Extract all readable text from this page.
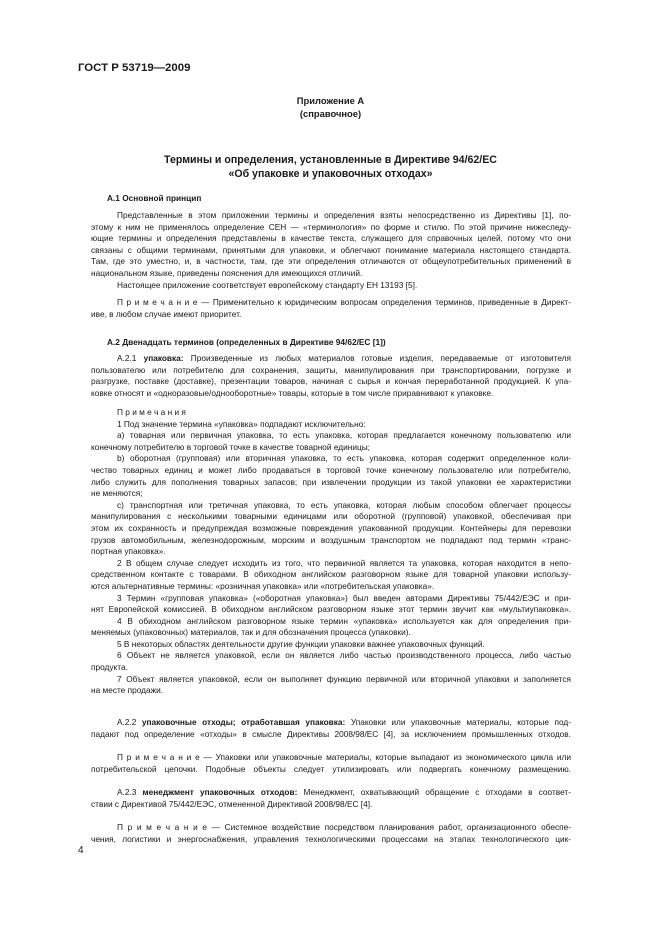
ГОСТ Р 53719—2009
Приложение А
(справочное)
Термины и определения, установленные в Директиве 94/62/ЕС
«Об упаковке и упаковочных отходах»
А.1 Основной принцип
Представленные в этом приложении термины и определения взяты непосредственно из Директивы [1], по-
этому к ним не применялось определение СЕН — «терминология» по форме и стилю. По этой причине нижеследу-
ющие термины и определения представлены в качестве текста, служащего для справочных целей, потому что они
связаны с общими терминами, принятыми для упаковки, и облегчают понимание материала настоящего стандарта.
Там, где это уместно, и, в частности, там, где эти определения отличаются от общеупотребительных применений в
национальном языке, приведены пояснения для имеющихся отличий.
Настоящее приложение соответствует европейскому стандарту ЕН 13193 [5].
П р и м е ч а н и е — Применительно к юридическим вопросам определения терминов, приведенные в Директ-
иве, в любом случае имеют приоритет.
А.2 Двенадцать терминов (определенных в Директиве 94/62/ЕС [1])
А.2.1 упаковка: Произведенные из любых материалов готовые изделия, передаваемые от изготовителя
пользователю или потребителю для сохранения, защиты, манипулирования при транспортировании, погрузке и
разгрузке, поставке (доставке), презентации товаров, начиная с сырья и кончая переработанной продукцией. К упа-
ковке относят и «одноразовые/однооборотные» товары, которые в том числе приравнивают к упаковке.
П р и м е ч а н и я
1 Под значение термина «упаковка» подпадают исключительно:
а) товарная или первичная упаковка, то есть упаковка, которая предлагается конечному пользователю или
конечному потребителю в торговой точке в качестве товарной единицы;
b) оборотная (групповая) или вторичная упаковка, то есть упаковка, которая содержит определенное коли-
чество товарных единиц и может либо продаваться в торговой точке конечному пользователю или потребителю,
либо служить для пополнения товарных запасов; при извлечении продукции из такой упаковки ее характеристики
не меняются;
c) транспортная или третичная упаковка, то есть упаковка, которая любым способом облегчает процессы
манипулирования с несколькими товарными единицами или оборотной (групповой) упаковкой, обеспечивая при
этом их сохранность и предупреждая возможные повреждения упакованной продукции. Контейнеры для перевозки
грузов автомобильным, железнодорожным, морским и воздушным транспортом не подпадают под термин «транс-
портная упаковка».
2 В общем случае следует исходить из того, что первичной является та упаковка, которая находится в непо-
средственном контакте с товарами. В обиходном английском разговорном языке для товарной упаковки использу-
ются альтернативные термины: «розничная упаковка» или «потребительская упаковка».
3 Термин «групповая упаковка» («оборотная упаковка») был введен авторами Директивы 75/442/ЕЭС и при-
нят Европейской комиссией. В обиходном английском разговорном языке этот термин звучит как «мультиупаковка».
4 В обиходном английском разговорном языке термин «упаковка» используется как для определения при-
меняемых (упаковочных) материалов, так и для обозначения процесса (упаковки).
5 В некоторых областях деятельности другие функции упаковки важнее упаковочных функций.
6 Объект не является упаковкой, если он является либо частью производственного процесса, либо частью
продукта.
7 Объект является упаковкой, если он выполняет функцию первичной или вторичной упаковки и заполняется
на месте продажи.
А.2.2 упаковочные отходы; отработавшая упаковка: Упаковки или упаковочные материалы, которые под-
падают под определение «отходы» в смысле Директивы 2008/98/ЕС [4], за исключением промышленных отходов.
П р и м е ч а н и е — Упаковки или упаковочные материалы, которые выпадают из экономического цикла или
потребительской цепочки. Подобные объекты следует утилизировать или подвергать конечному размещению.
А.2.3 менеджмент упаковочных отходов: Менеджмент, охватывающий обращение с отходами в соответ-
ствии с Директивой 75/442/ЕЭС, отмененной Директивой 2008/98/ЕС [4].
П р и м е ч а н и е — Системное воздействие посредством планирования работ, организационного обеспе-
чения, логистики и энергоснабжения, управления технологическими процессами на этапах технологического цик-
4
